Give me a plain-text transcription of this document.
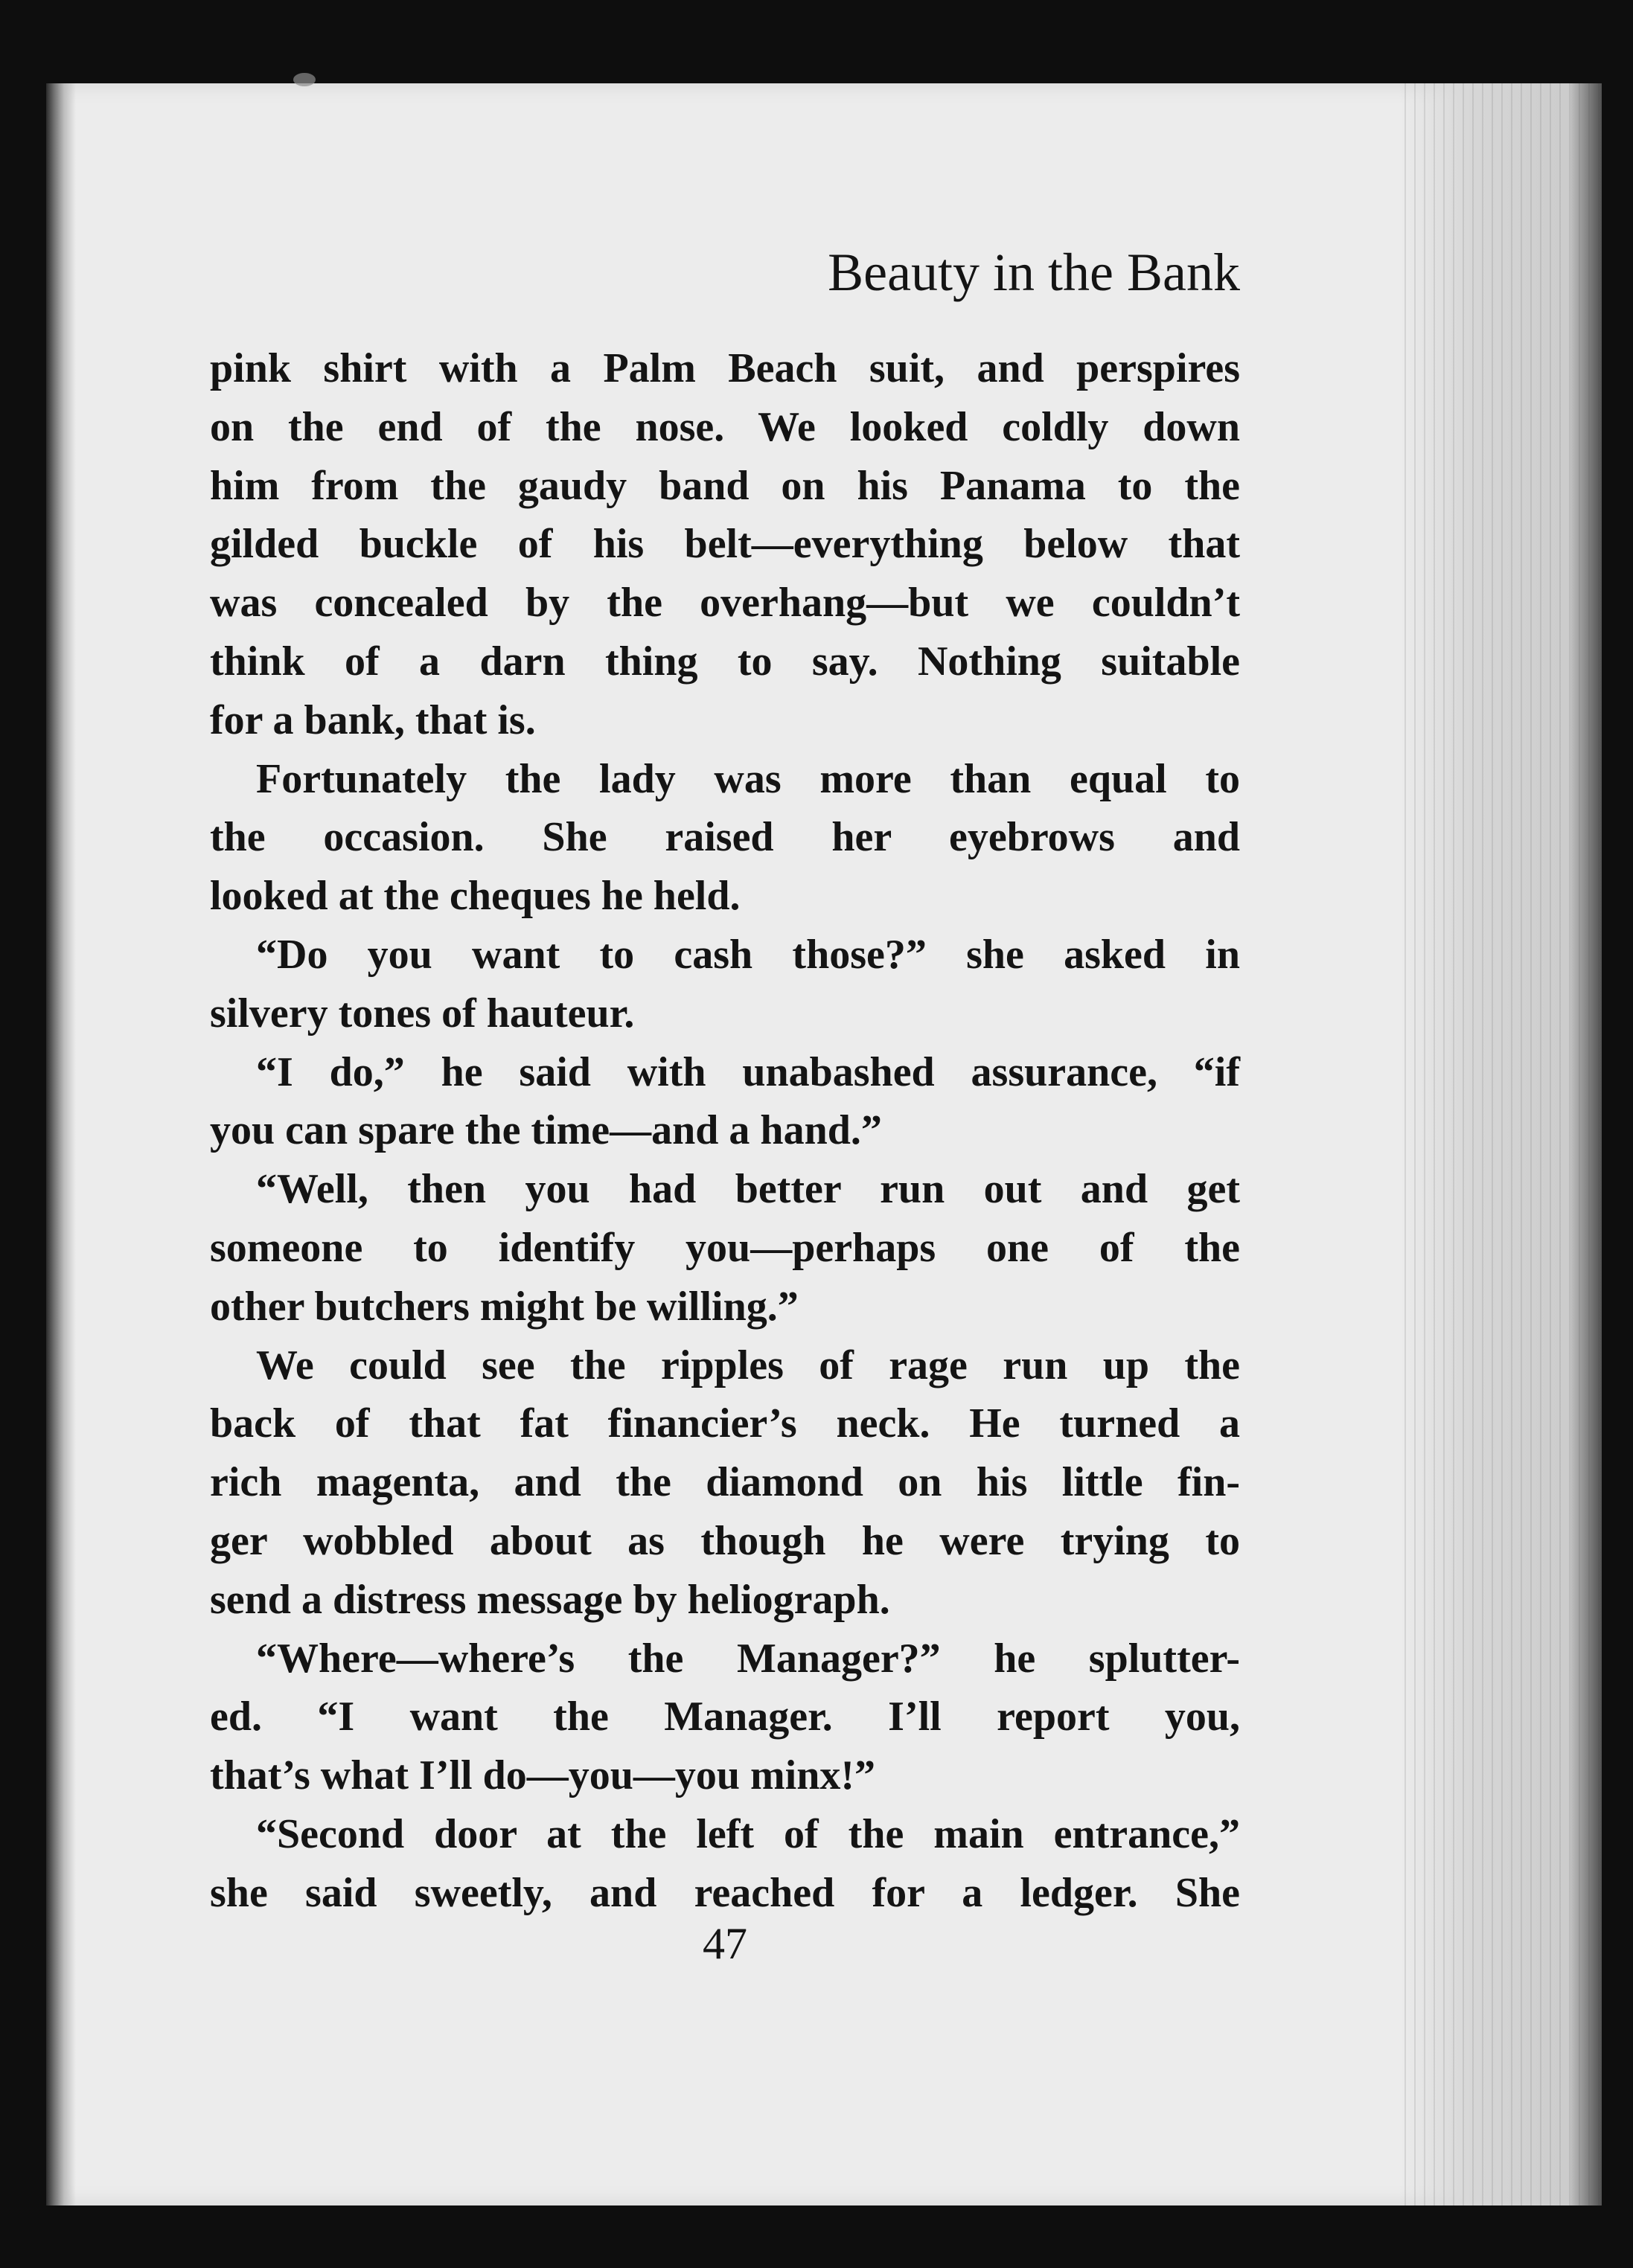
Beauty in the Bank
pink shirt with a Palm Beach suit, and perspires
on the end of the nose. We looked coldly down
him from the gaudy band on his Panama to the
gilded buckle of his belt—everything below that
was concealed by the overhang—but we couldn’t
think of a darn thing to say. Nothing suitable
for a bank, that is.
Fortunately the lady was more than equal to
the occasion. She raised her eyebrows and
looked at the cheques he held.
“Do you want to cash those?” she asked in
silvery tones of hauteur.
“I do,” he said with unabashed assurance, “if
you can spare the time—and a hand.”
“Well, then you had better run out and get
someone to identify you—perhaps one of the
other butchers might be willing.”
We could see the ripples of rage run up the
back of that fat financier’s neck. He turned a
rich magenta, and the diamond on his little fin-
ger wobbled about as though he were trying to
send a distress message by heliograph.
“Where—where’s the Manager?” he splutter-
ed. “I want the Manager. I’ll report you,
that’s what I’ll do—you—you minx!”
“Second door at the left of the main entrance,”
she said sweetly, and reached for a ledger. She

47
